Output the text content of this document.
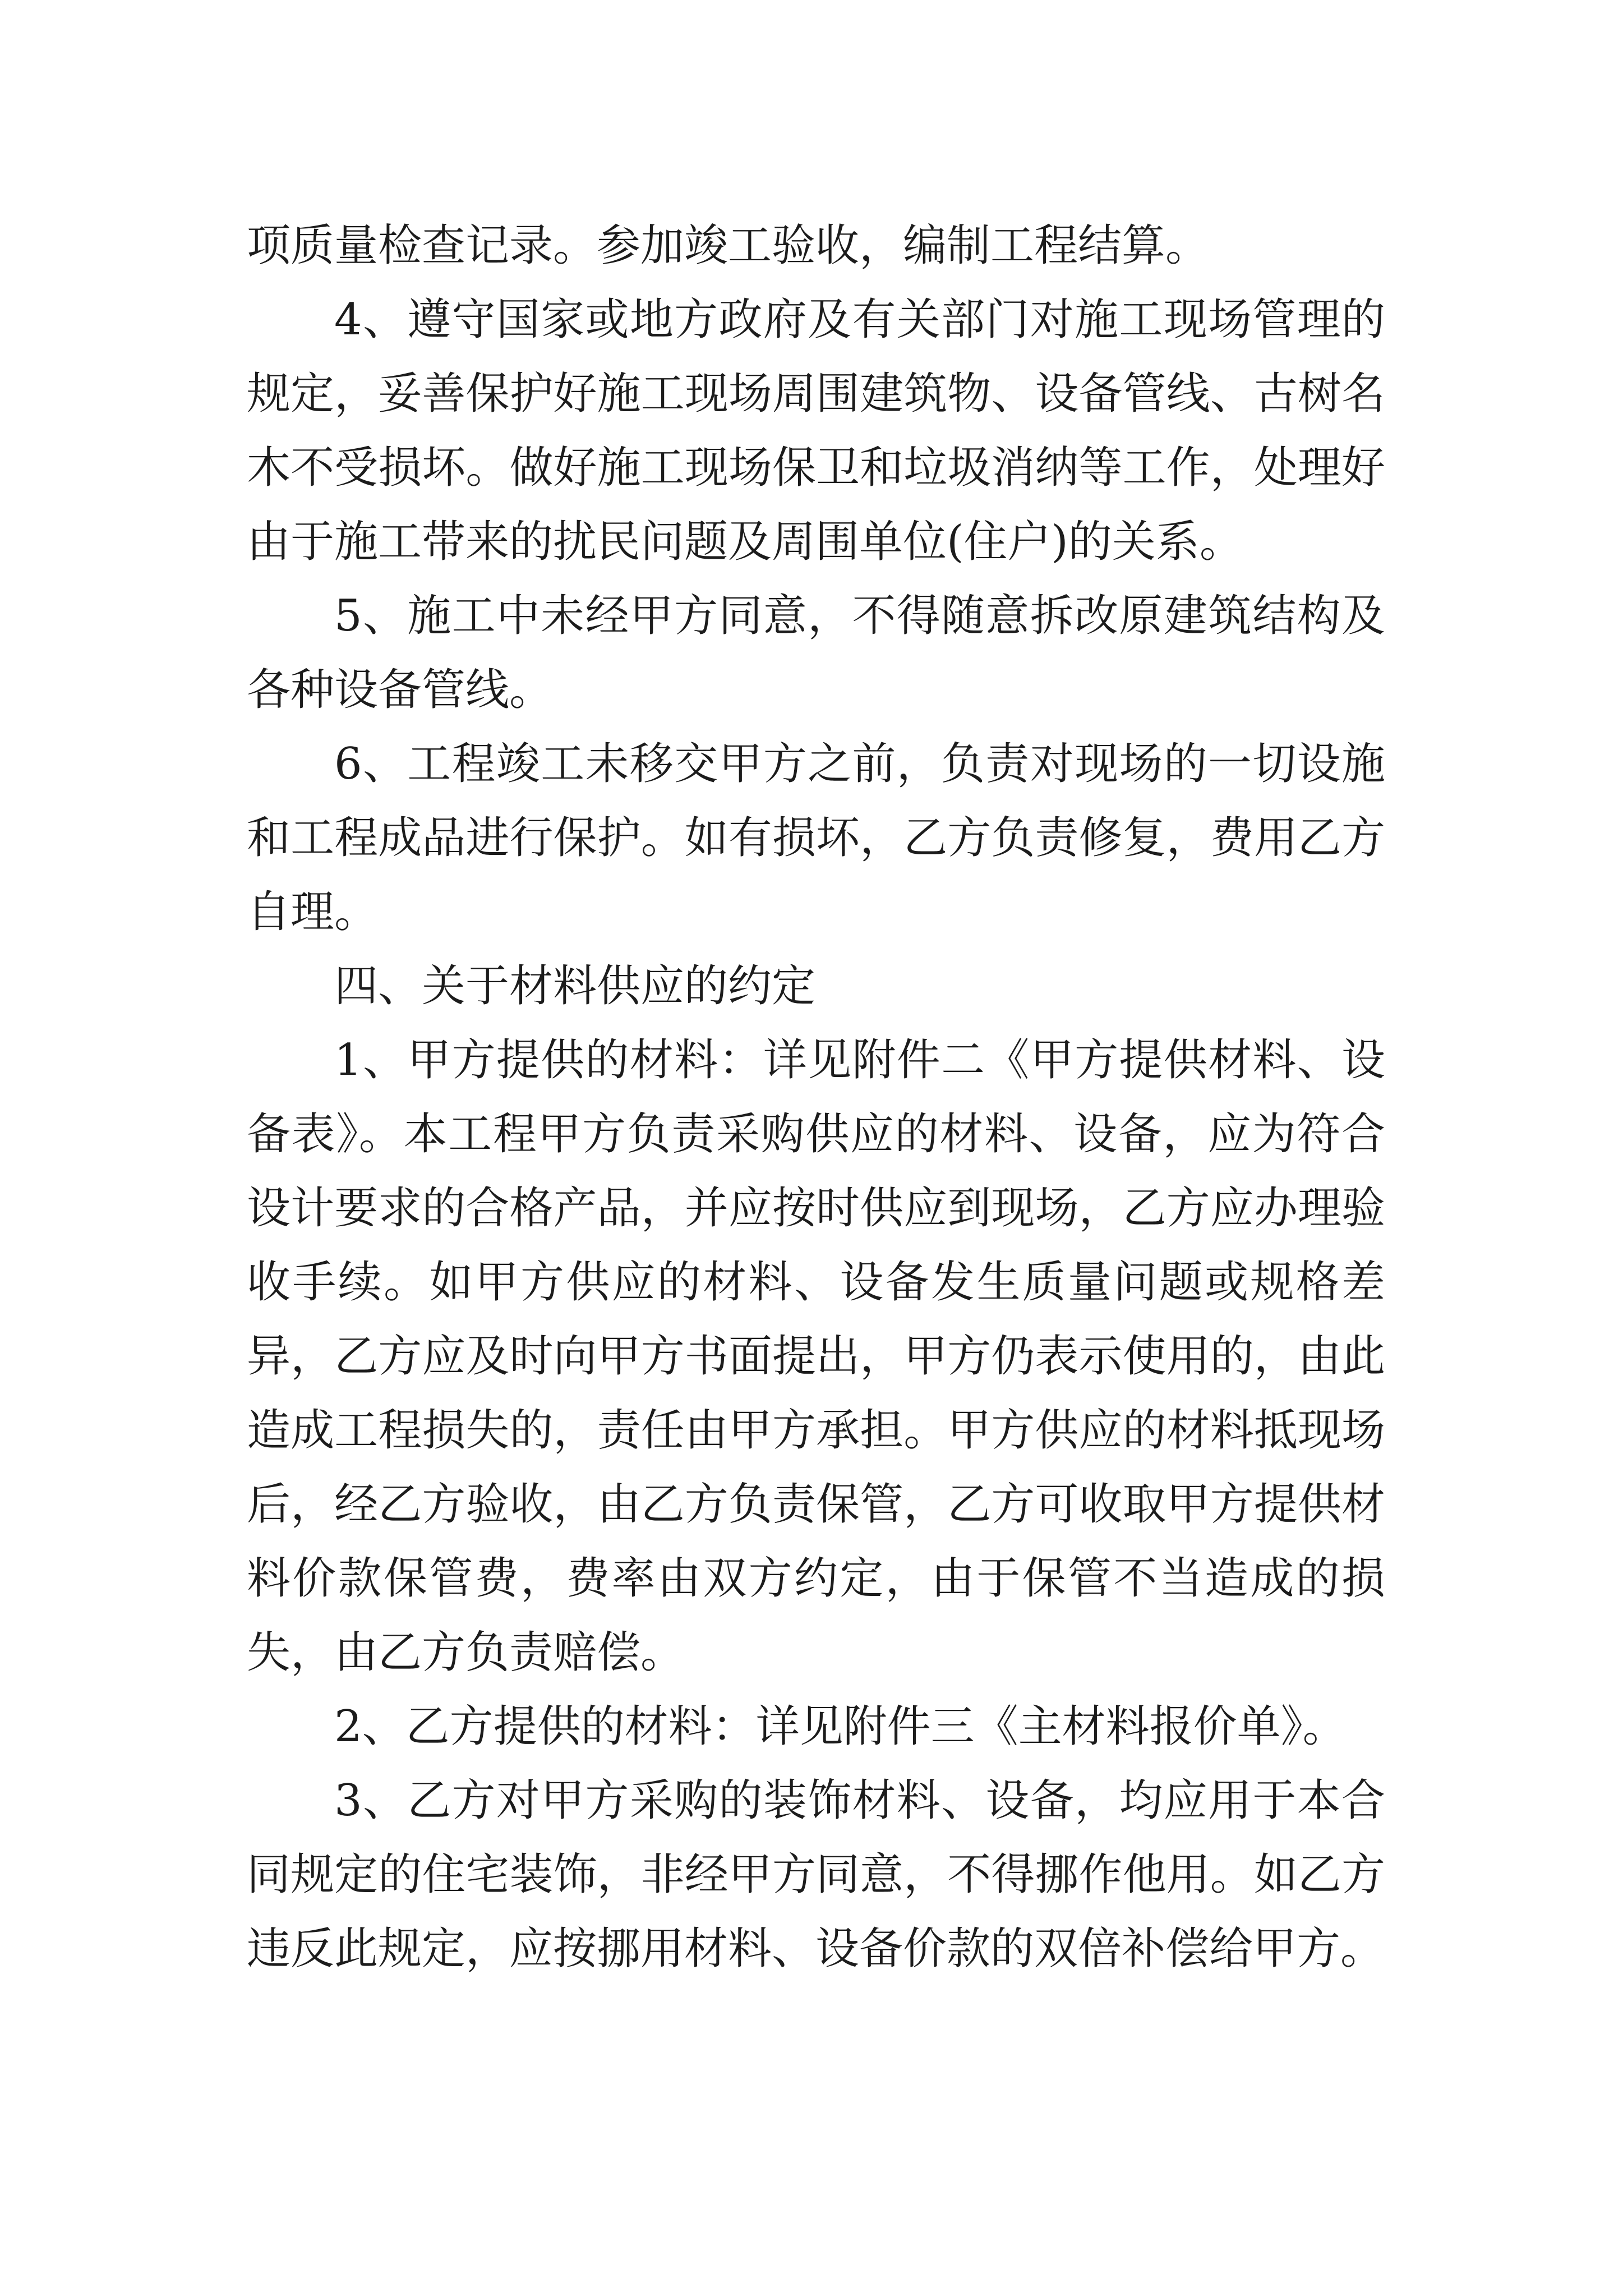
项质量检查记录。参加竣工验收，编制工程结算。

4、遵守国家或地方政府及有关部门对施工现场管理的规定，妥善保护好施工现场周围建筑物、设备管线、古树名木不受损坏。做好施工现场保卫和垃圾消纳等工作，处理好由于施工带来的扰民问题及周围单位(住户)的关系。

5、施工中未经甲方同意，不得随意拆改原建筑结构及各种设备管线。

6、工程竣工未移交甲方之前，负责对现场的一切设施和工程成品进行保护。如有损坏，乙方负责修复，费用乙方自理。

四、关于材料供应的约定

1、甲方提供的材料：详见附件二《甲方提供材料、设备表》。本工程甲方负责采购供应的材料、设备，应为符合设计要求的合格产品，并应按时供应到现场，乙方应办理验收手续。如甲方供应的材料、设备发生质量问题或规格差异，乙方应及时向甲方书面提出，甲方仍表示使用的，由此造成工程损失的，责任由甲方承担。甲方供应的材料抵现场后，经乙方验收，由乙方负责保管，乙方可收取甲方提供材料价款保管费，费率由双方约定，由于保管不当造成的损失，由乙方负责赔偿。

2、乙方提供的材料：详见附件三《主材料报价单》。

3、乙方对甲方采购的装饰材料、设备，均应用于本合同规定的住宅装饰，非经甲方同意，不得挪作他用。如乙方违反此规定，应按挪用材料、设备价款的双倍补偿给甲方。
